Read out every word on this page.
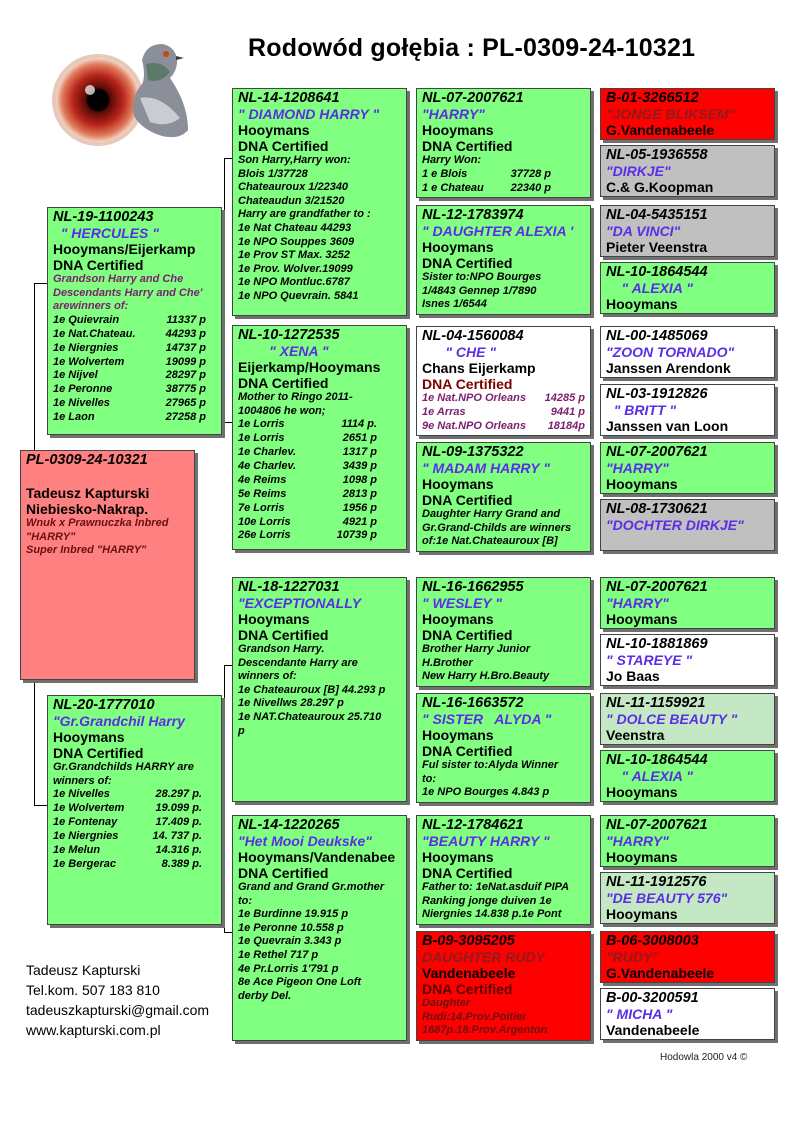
Rodowód gołębia : PL-0309-24-10321
PL-0309-24-10321
Tadeusz Kapturski
Niebiesko-Nakrap.
Wnuk x Prawnuczka Inbred
"HARRY"
Super Inbred "HARRY"
NL-19-1100243
" HERCULES "
Hooymans/Eijerkamp
DNA Certified
Grandson Harry and Che
Descendants Harry and Che'
arewinners of:
1e Quievrain	11337 p
1e Nat.Chateau.	44293 p
1e Niergnies	14737 p
1e Wolvertem	19099 p
1e Nijvel	28297 p
1e Peronne	38775 p
1e Nivelles	27965 p
1e Laon	27258 p
NL-20-1777010
"Gr.Grandchil Harry
Hooymans
DNA Certified
Gr.Grandchilds HARRY are
winners of:
1e Nivelles	28.297 p.
1e Wolvertem	19.099 p.
1e Fontenay	17.409 p.
1e Niergnies	14. 737 p.
1e Melun	14.316 p.
1e Bergerac	8.389 p.
NL-14-1208641
" DIAMOND HARRY "
Hooymans
DNA Certified
Son Harry,Harry won:
Blois 1/37728
Chateauroux 1/22340
Chateaudun 3/21520
Harry are grandfather to :
1e Nat Chateau 44293
1e NPO Souppes 3609
1e Prov ST Max. 3252
1e Prov. Wolver.19099
1e NPO Montluc.6787
1e NPO Quevrain. 5841
NL-10-1272535
" XENA "
Eijerkamp/Hooymans
DNA Certified
Mother to Ringo 2011-
1004806 he won;
1e Lorris	1114 p.
1e Lorris	2651 p
1e Charlev.	1317 p
4e Charlev.	3439 p
4e Reims	1098 p
5e Reims	2813 p
7e Lorris	1956 p
10e Lorris	4921 p
26e Lorris	10739 p
NL-18-1227031
"EXCEPTIONALLY
Hooymans
DNA Certified
Grandson Harry.
Descendante Harry are
winners of:
1e Chateauroux [B] 44.293 p
1e Nivellws 28.297 p
1e NAT.Chateauroux 25.710
p
NL-14-1220265
"Het Mooi Deukske"
Hooymans/Vandenabee
DNA Certified
Grand and Grand Gr.mother
to:
1e Burdinne 19.915 p
1e Peronne 10.558 p
1e Quevrain 3.343 p
1e Rethel 717 p
4e Pr.Lorris 1'791 p
8e Ace Pigeon One Loft
derby Del.
NL-07-2007621
"HARRY"
Hooymans
DNA Certified
Harry Won:
1 e Blois	37728 p
1 e Chateau	22340 p
NL-12-1783974
" DAUGHTER ALEXIA '
Hooymans
DNA Certified
Sister to:NPO Bourges
1/4843 Gennep 1/7890
Isnes 1/6544
NL-04-1560084
" CHE "
Chans Eijerkamp
DNA Certified
1e Nat.NPO Orleans	14285 p
1e Arras	9441 p
9e Nat.NPO Orleans	18184p
NL-09-1375322
" MADAM HARRY "
Hooymans
DNA Certified
Daughter Harry Grand and
Gr.Grand-Childs are winners
of:1e Nat.Chateauroux [B]
NL-16-1662955
" WESLEY "
Hooymans
DNA Certified
Brother Harry Junior
H.Brother
New Harry H.Bro.Beauty
NL-16-1663572
" SISTER   ALYDA "
Hooymans
DNA Certified
Ful sister to:Alyda Winner
to:
1e NPO Bourges 4.843 p
NL-12-1784621
"BEAUTY HARRY "
Hooymans
DNA Certified
Father to: 1eNat.asduif PIPA
Ranking jonge duiven 1e
Niergnies 14.838 p.1e Pont
B-09-3095205
DAUGHTER RUDY
Vandenabeele
DNA Certified
Daughter
Rudi:14.Prov.Poitier
1687p.18.Prov.Argenton
B-01-3266512
"JONGE BLIKSEM"
G.Vandenabeele
NL-05-1936558
"DIRKJE"
C.& G.Koopman
NL-04-5435151
"DA VINCI"
Pieter Veenstra
NL-10-1864544
" ALEXIA "
Hooymans
NL-00-1485069
"ZOON TORNADO"
Janssen Arendonk
NL-03-1912826
" BRITT "
Janssen van Loon
NL-07-2007621
"HARRY"
Hooymans
NL-08-1730621
"DOCHTER DIRKJE"
NL-07-2007621
"HARRY"
Hooymans
NL-10-1881869
" STAREYE "
Jo Baas
NL-11-1159921
" DOLCE BEAUTY "
Veenstra
NL-10-1864544
" ALEXIA "
Hooymans
NL-07-2007621
"HARRY"
Hooymans
NL-11-1912576
"DE BEAUTY 576"
Hooymans
B-06-3008003
"RUDY"
G.Vandenabeele
B-00-3200591
" MICHA "
Vandenabeele
Tadeusz Kapturski
Tel.kom. 507 183 810
tadeuszkapturski@gmail.com
www.kapturski.com.pl
Hodowla 2000 v4 ©
